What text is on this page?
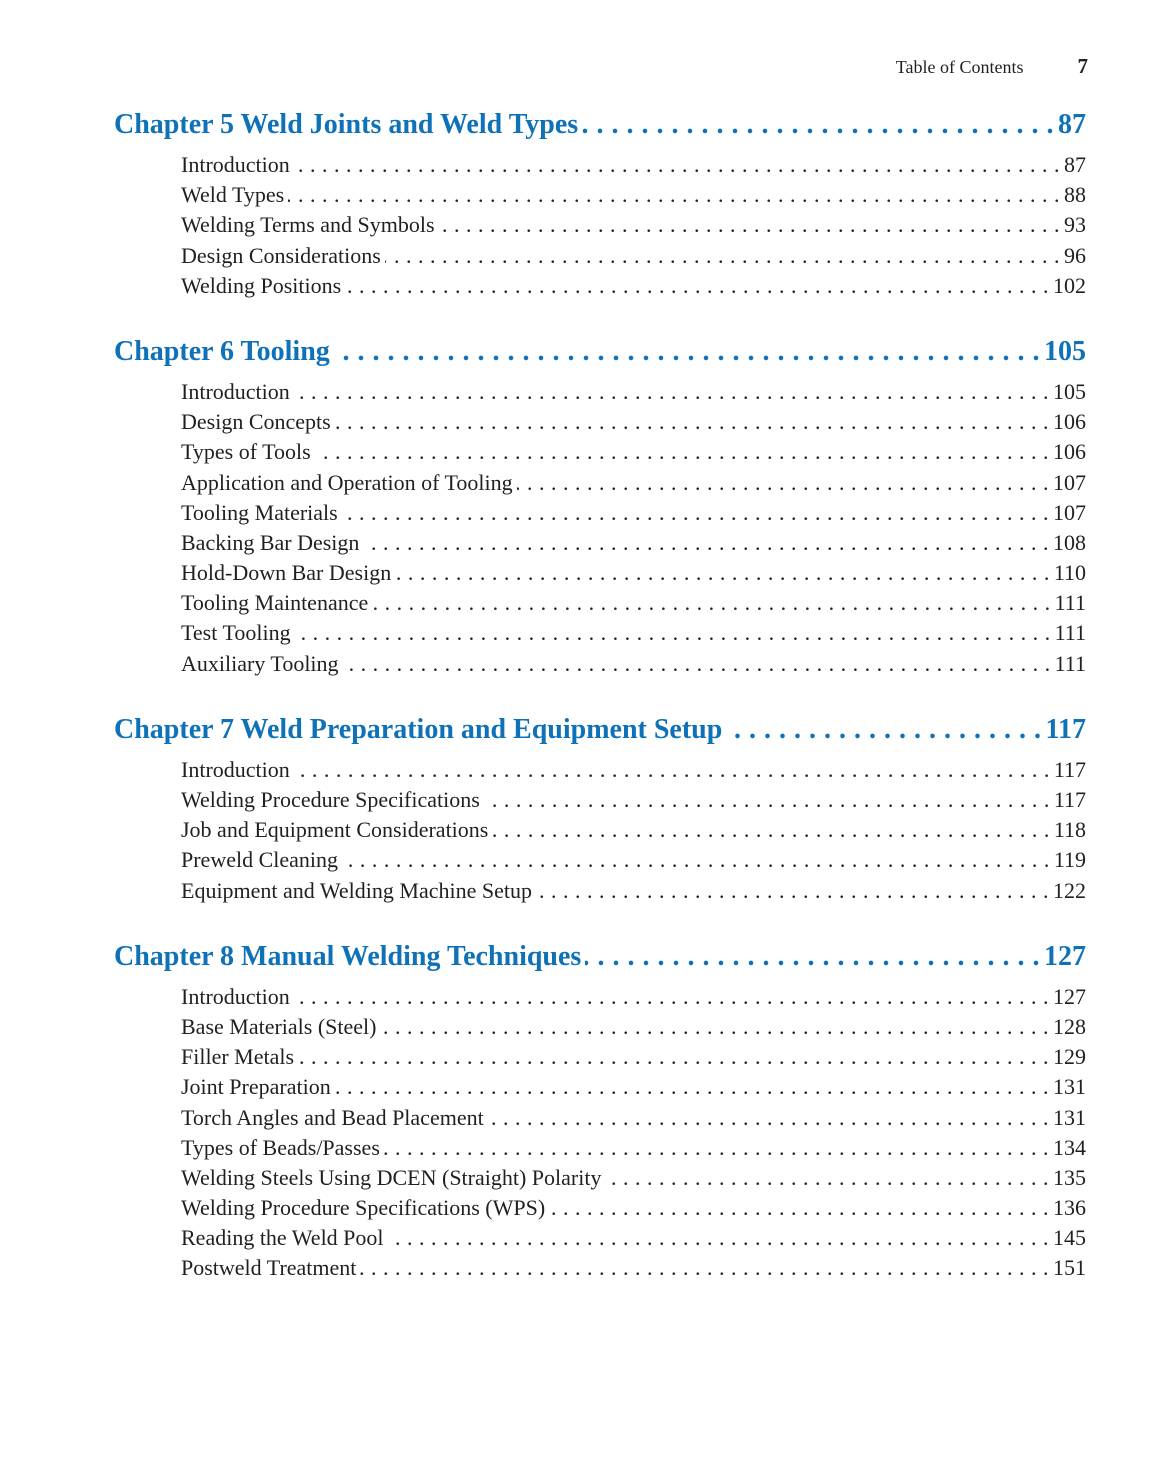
Table of Contents	7
Chapter 5 Weld Joints and Weld Types . . .	87
Introduction . . .	87
Weld Types . . .	88
Welding Terms and Symbols . . .	93
Design Considerations . . .	96
Welding Positions . . .	102
Chapter 6 Tooling . . .	105
Introduction . . .	105
Design Concepts . . .	106
Types of Tools . . .	106
Application and Operation of Tooling . . .	107
Tooling Materials . . .	107
Backing Bar Design . . .	108
Hold-Down Bar Design . . .	110
Tooling Maintenance . . .	111
Test Tooling . . .	111
Auxiliary Tooling . . .	111
Chapter 7 Weld Preparation and Equipment Setup . . .	117
Introduction . . .	117
Welding Procedure Specifications . . .	117
Job and Equipment Considerations . . .	118
Preweld Cleaning . . .	119
Equipment and Welding Machine Setup . . .	122
Chapter 8 Manual Welding Techniques . . .	127
Introduction . . .	127
Base Materials (Steel) . . .	128
Filler Metals . . .	129
Joint Preparation . . .	131
Torch Angles and Bead Placement . . .	131
Types of Beads/Passes . . .	134
Welding Steels Using DCEN (Straight) Polarity . . .	135
Welding Procedure Specifications (WPS) . . .	136
Reading the Weld Pool . . .	145
Postweld Treatment . . .	151
